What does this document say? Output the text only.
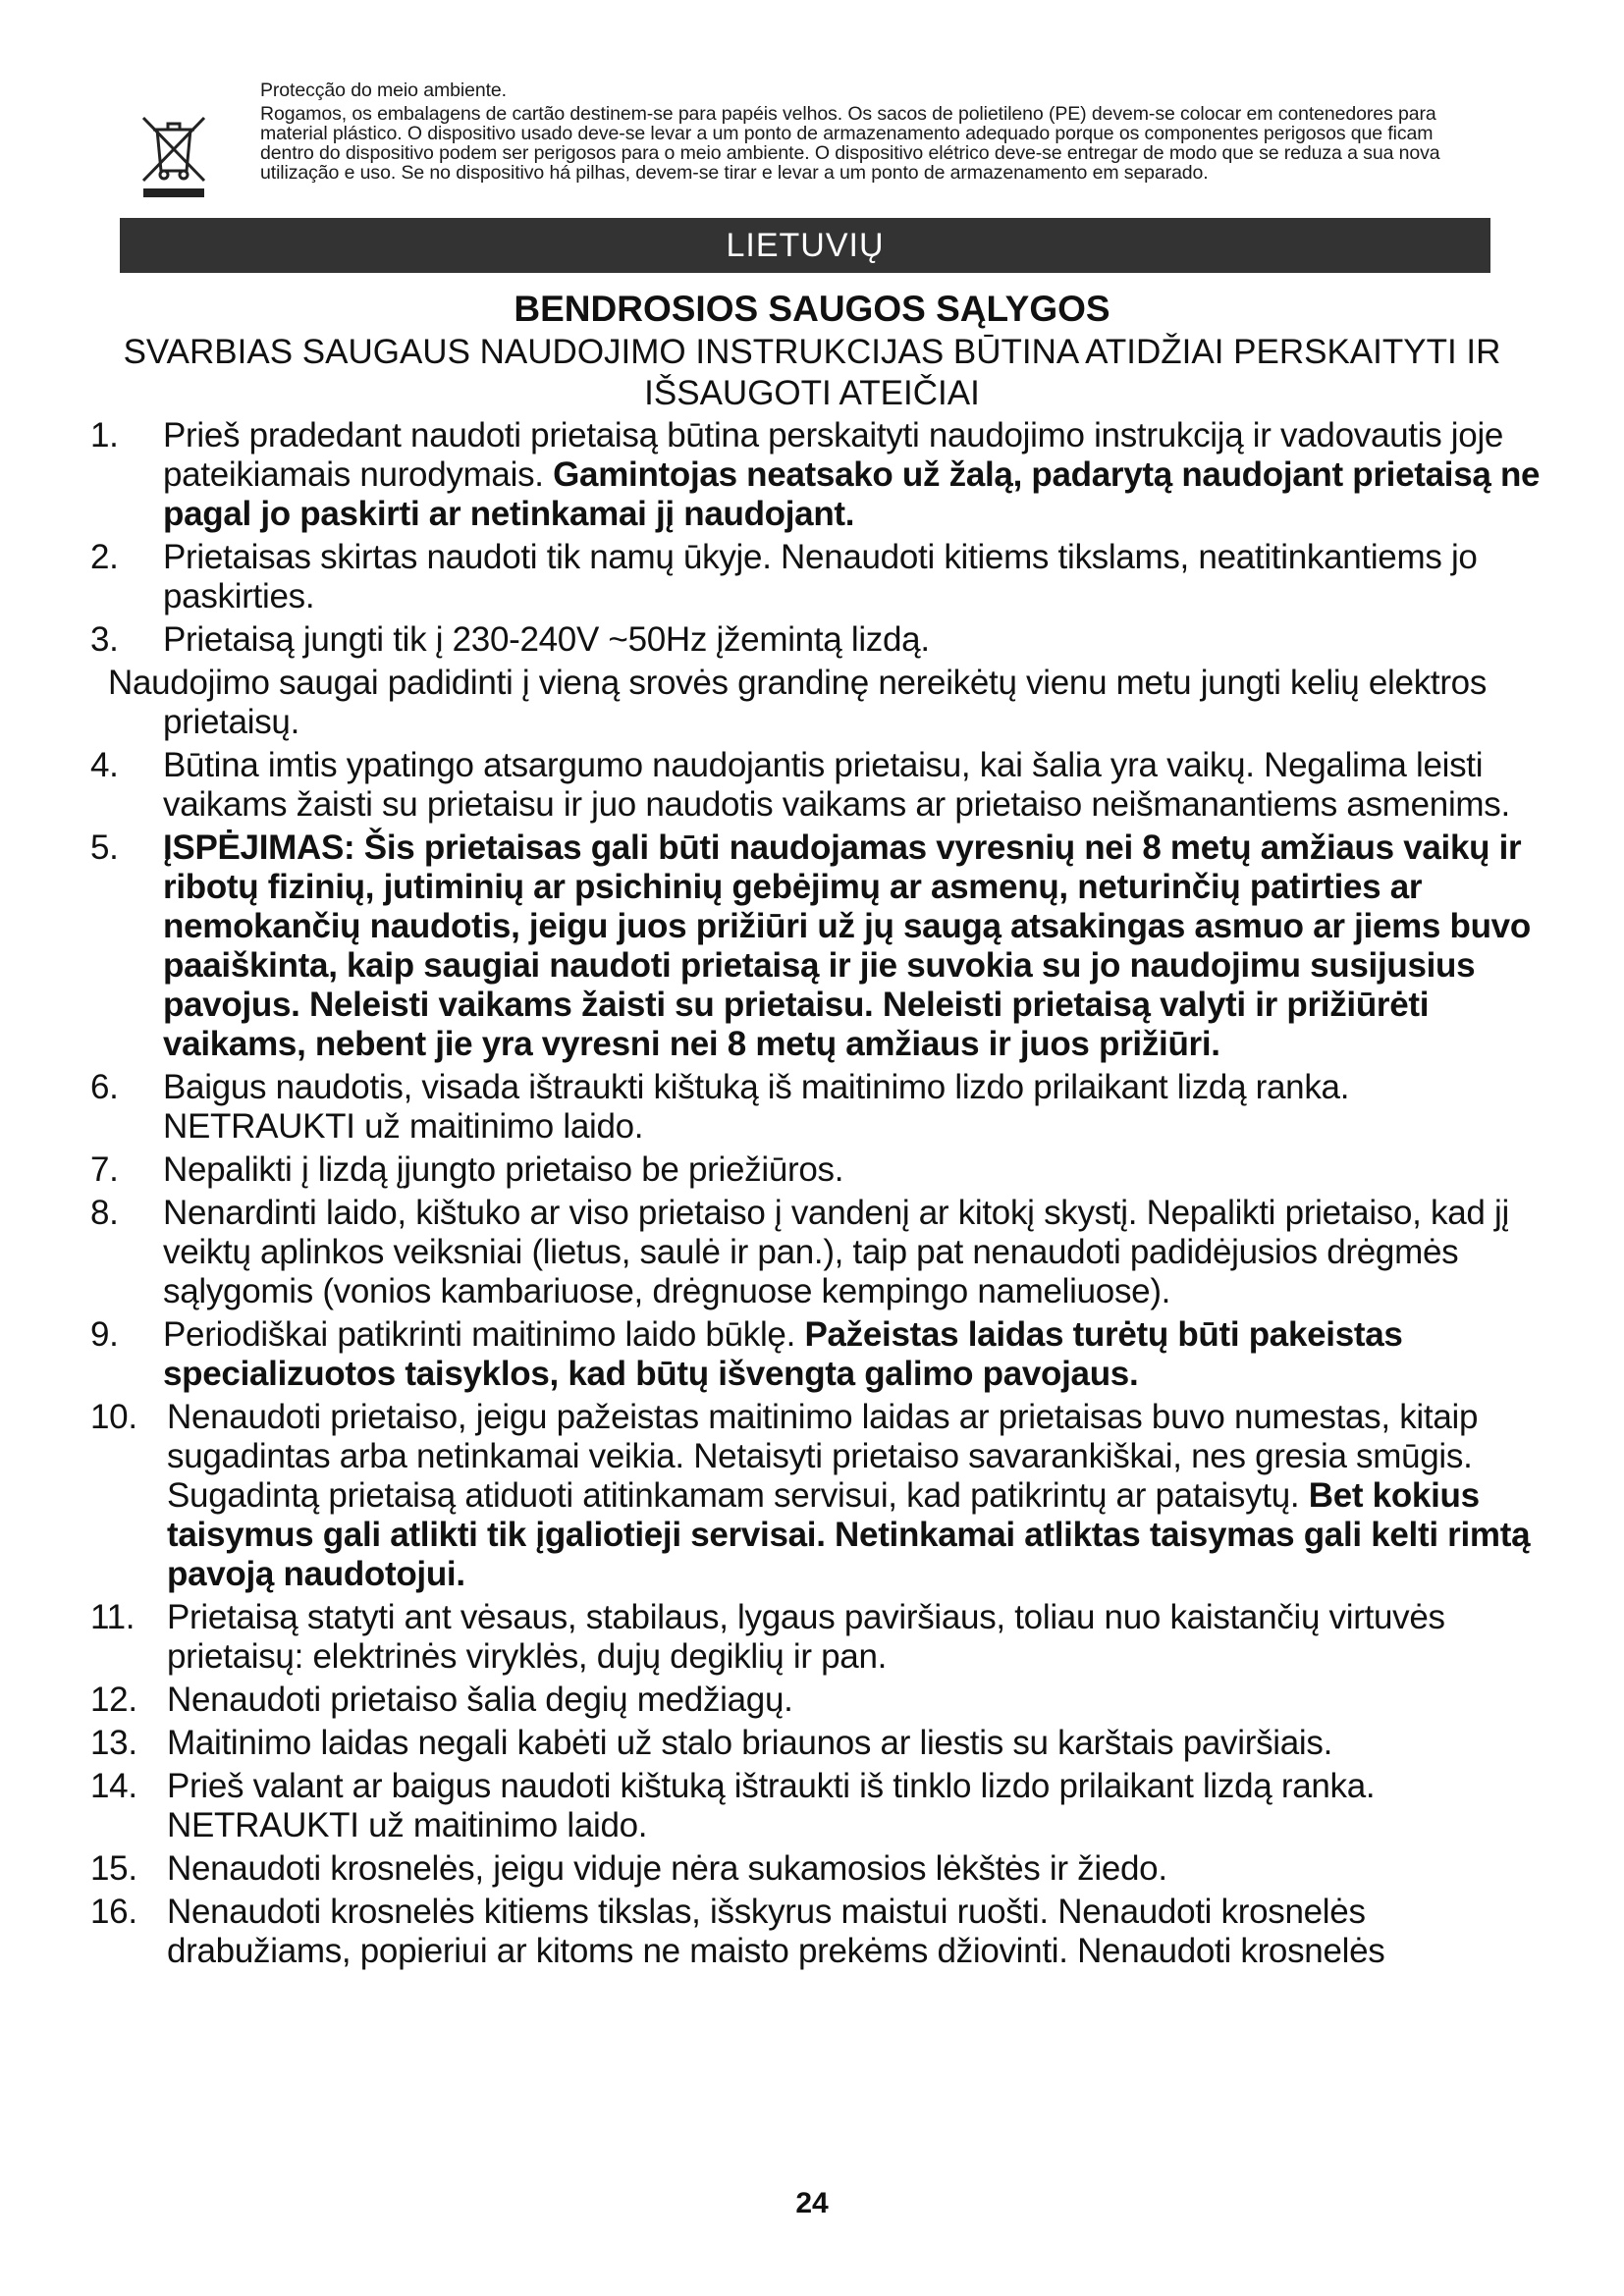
Protecção do meio ambiente.
Rogamos, os embalagens de cartão destinem-se para papéis velhos. Os sacos de polietileno (PE) devem-se colocar em contenedores para material plástico. O dispositivo usado deve-se levar a um ponto de armazenamento adequado porque os componentes perigosos que ficam dentro do dispositivo podem ser perigosos para o meio ambiente. O dispositivo elétrico deve-se entregar de modo que se reduza a sua nova utilização e uso. Se no dispositivo há pilhas, devem-se tirar e levar a um ponto de armazenamento em separado.
LIETUVIŲ
BENDROSIOS SAUGOS SĄLYGOS
SVARBIAS SAUGAUS NAUDOJIMO INSTRUKCIJAS BŪTINA ATIDŽIAI PERSKAITYTI IR IŠSAUGOTI ATEIČIAI
1. Prieš pradedant naudoti prietaisą būtina perskaityti naudojimo instrukciją ir vadovautis joje pateikiamais nurodymais. Gamintojas neatsako už žalą, padarytą naudojant prietaisą ne pagal jo paskirti ar netinkamai jį naudojant.
2. Prietaisas skirtas naudoti tik namų ūkyje. Nenaudoti kitiems tikslams, neatitinkantiems jo paskirties.
3. Prietaisą jungti tik į 230-240V ~50Hz įžemintą lizdą.
Naudojimo saugai padidinti į vieną srovės grandinę nereikėtų vienu metu jungti kelių elektros prietaisų.
4. Būtina imtis ypatingo atsargumo naudojantis prietaisu, kai šalia yra vaikų. Negalima leisti vaikams žaisti su prietaisu ir juo naudotis vaikams ar prietaiso neišmanantiems asmenims.
5. ĮSPĖJIMAS: Šis prietaisas gali būti naudojamas vyresnių nei 8 metų amžiaus vaikų ir ribotų fizinių, jutiminių ar psichinių gebėjimų ar asmenų, neturinčių patirties ar nemokančių naudotis, jeigu juos prižiūri už jų saugą atsakingas asmuo ar jiems buvo paaiškinta, kaip saugiai naudoti prietaisą ir jie suvokia su jo naudojimu susijusius pavojus. Neleisti vaikams žaisti su prietaisu. Neleisti prietaisą valyti ir prižiūrėti vaikams, nebent jie yra vyresni nei 8 metų amžiaus ir juos prižiūri.
6. Baigus naudotis, visada ištraukti kištuką iš maitinimo lizdo prilaikant lizdą ranka. NETRAUKTI už maitinimo laido.
7. Nepalikti į lizdą įjungto prietaiso be priežiūros.
8. Nenardinti laido, kištuko ar viso prietaiso į vandenį ar kitokį skystį. Nepalikti prietaiso, kad jį veiktų aplinkos veiksniai (lietus, saulė ir pan.), taip pat nenaudoti padidėjusios drėgmės sąlygomis (vonios kambariuose, drėgnuose kempingo nameliuose).
9. Periodiškai patikrinti maitinimo laido būklę. Pažeistas laidas turėtų būti pakeistas specializuotos taisyklos, kad būtų išvengta galimo pavojaus.
10. Nenaudoti prietaiso, jeigu pažeistas maitinimo laidas ar prietaisas buvo numestas, kitaip sugadintas arba netinkamai veikia. Netaisyti prietaiso savarankiškai, nes gresia smūgis. Sugadintą prietaisą atiduoti atitinkamam servisui, kad patikrintų ar pataisytų. Bet kokius taisymus gali atlikti tik įgaliotieji servisai. Netinkamai atliktas taisymas gali kelti rimtą pavoją naudotojui.
11. Prietaisą statyti ant vėsaus, stabilaus, lygaus paviršiaus, toliau nuo kaistančių virtuvės prietaisų: elektrinės viryklės, dujų degiklių ir pan.
12. Nenaudoti prietaiso šalia degių medžiagų.
13. Maitinimo laidas negali kabėti už stalo briaunos ar liestis su karštais paviršiais.
14. Prieš valant ar baigus naudoti kištuką ištraukti iš tinklo lizdo prilaikant lizdą ranka. NETRAUKTI už maitinimo laido.
15. Nenaudoti krosnelės, jeigu viduje nėra sukamosios lėkštės ir žiedo.
16. Nenaudoti krosnelės kitiems tikslas, išskyrus maistui ruošti. Nenaudoti krosnelės drabužiams, popieriui ar kitoms ne maisto prekėms džiovinti. Nenaudoti krosnelės
24
